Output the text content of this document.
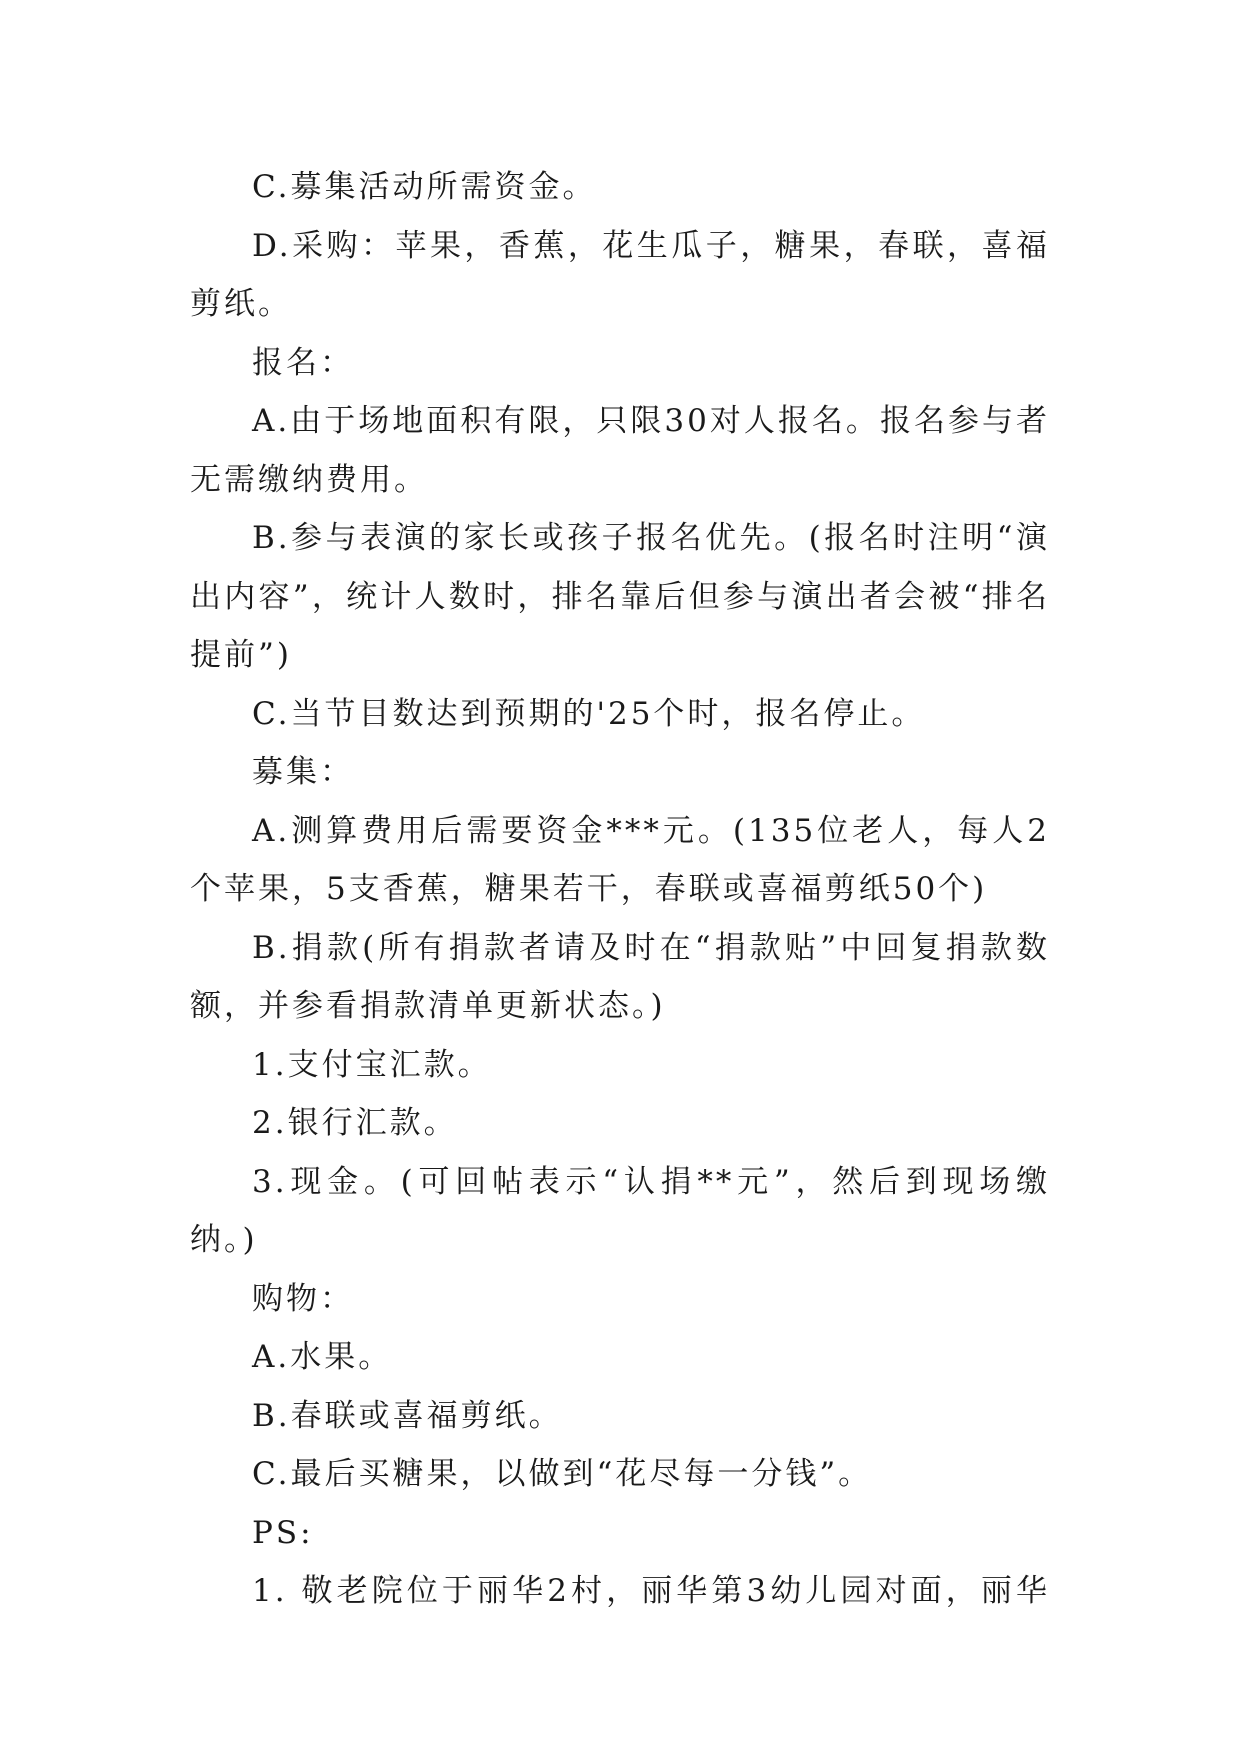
C.募集活动所需资金。

D.采购：苹果，香蕉，花生瓜子，糖果，春联，喜福剪纸。

报名：

A.由于场地面积有限，只限30对人报名。报名参与者无需缴纳费用。

B.参与表演的家长或孩子报名优先。(报名时注明“演出内容”，统计人数时，排名靠后但参与演出者会被“排名提前”)

C.当节目数达到预期的'25个时，报名停止。

募集：

A.测算费用后需要资金***元。(135位老人，每人2个苹果，5支香蕉，糖果若干，春联或喜福剪纸50个)

B.捐款(所有捐款者请及时在“捐款贴”中回复捐款数额，并参看捐款清单更新状态。)

1.支付宝汇款。

2.银行汇款。

3.现金。(可回帖表示“认捐**元”，然后到现场缴纳。)

购物：

A.水果。

B.春联或喜福剪纸。

C.最后买糖果，以做到“花尽每一分钱”。

PS:

1. 敬老院位于丽华2村，丽华第3幼儿园对面，丽华
